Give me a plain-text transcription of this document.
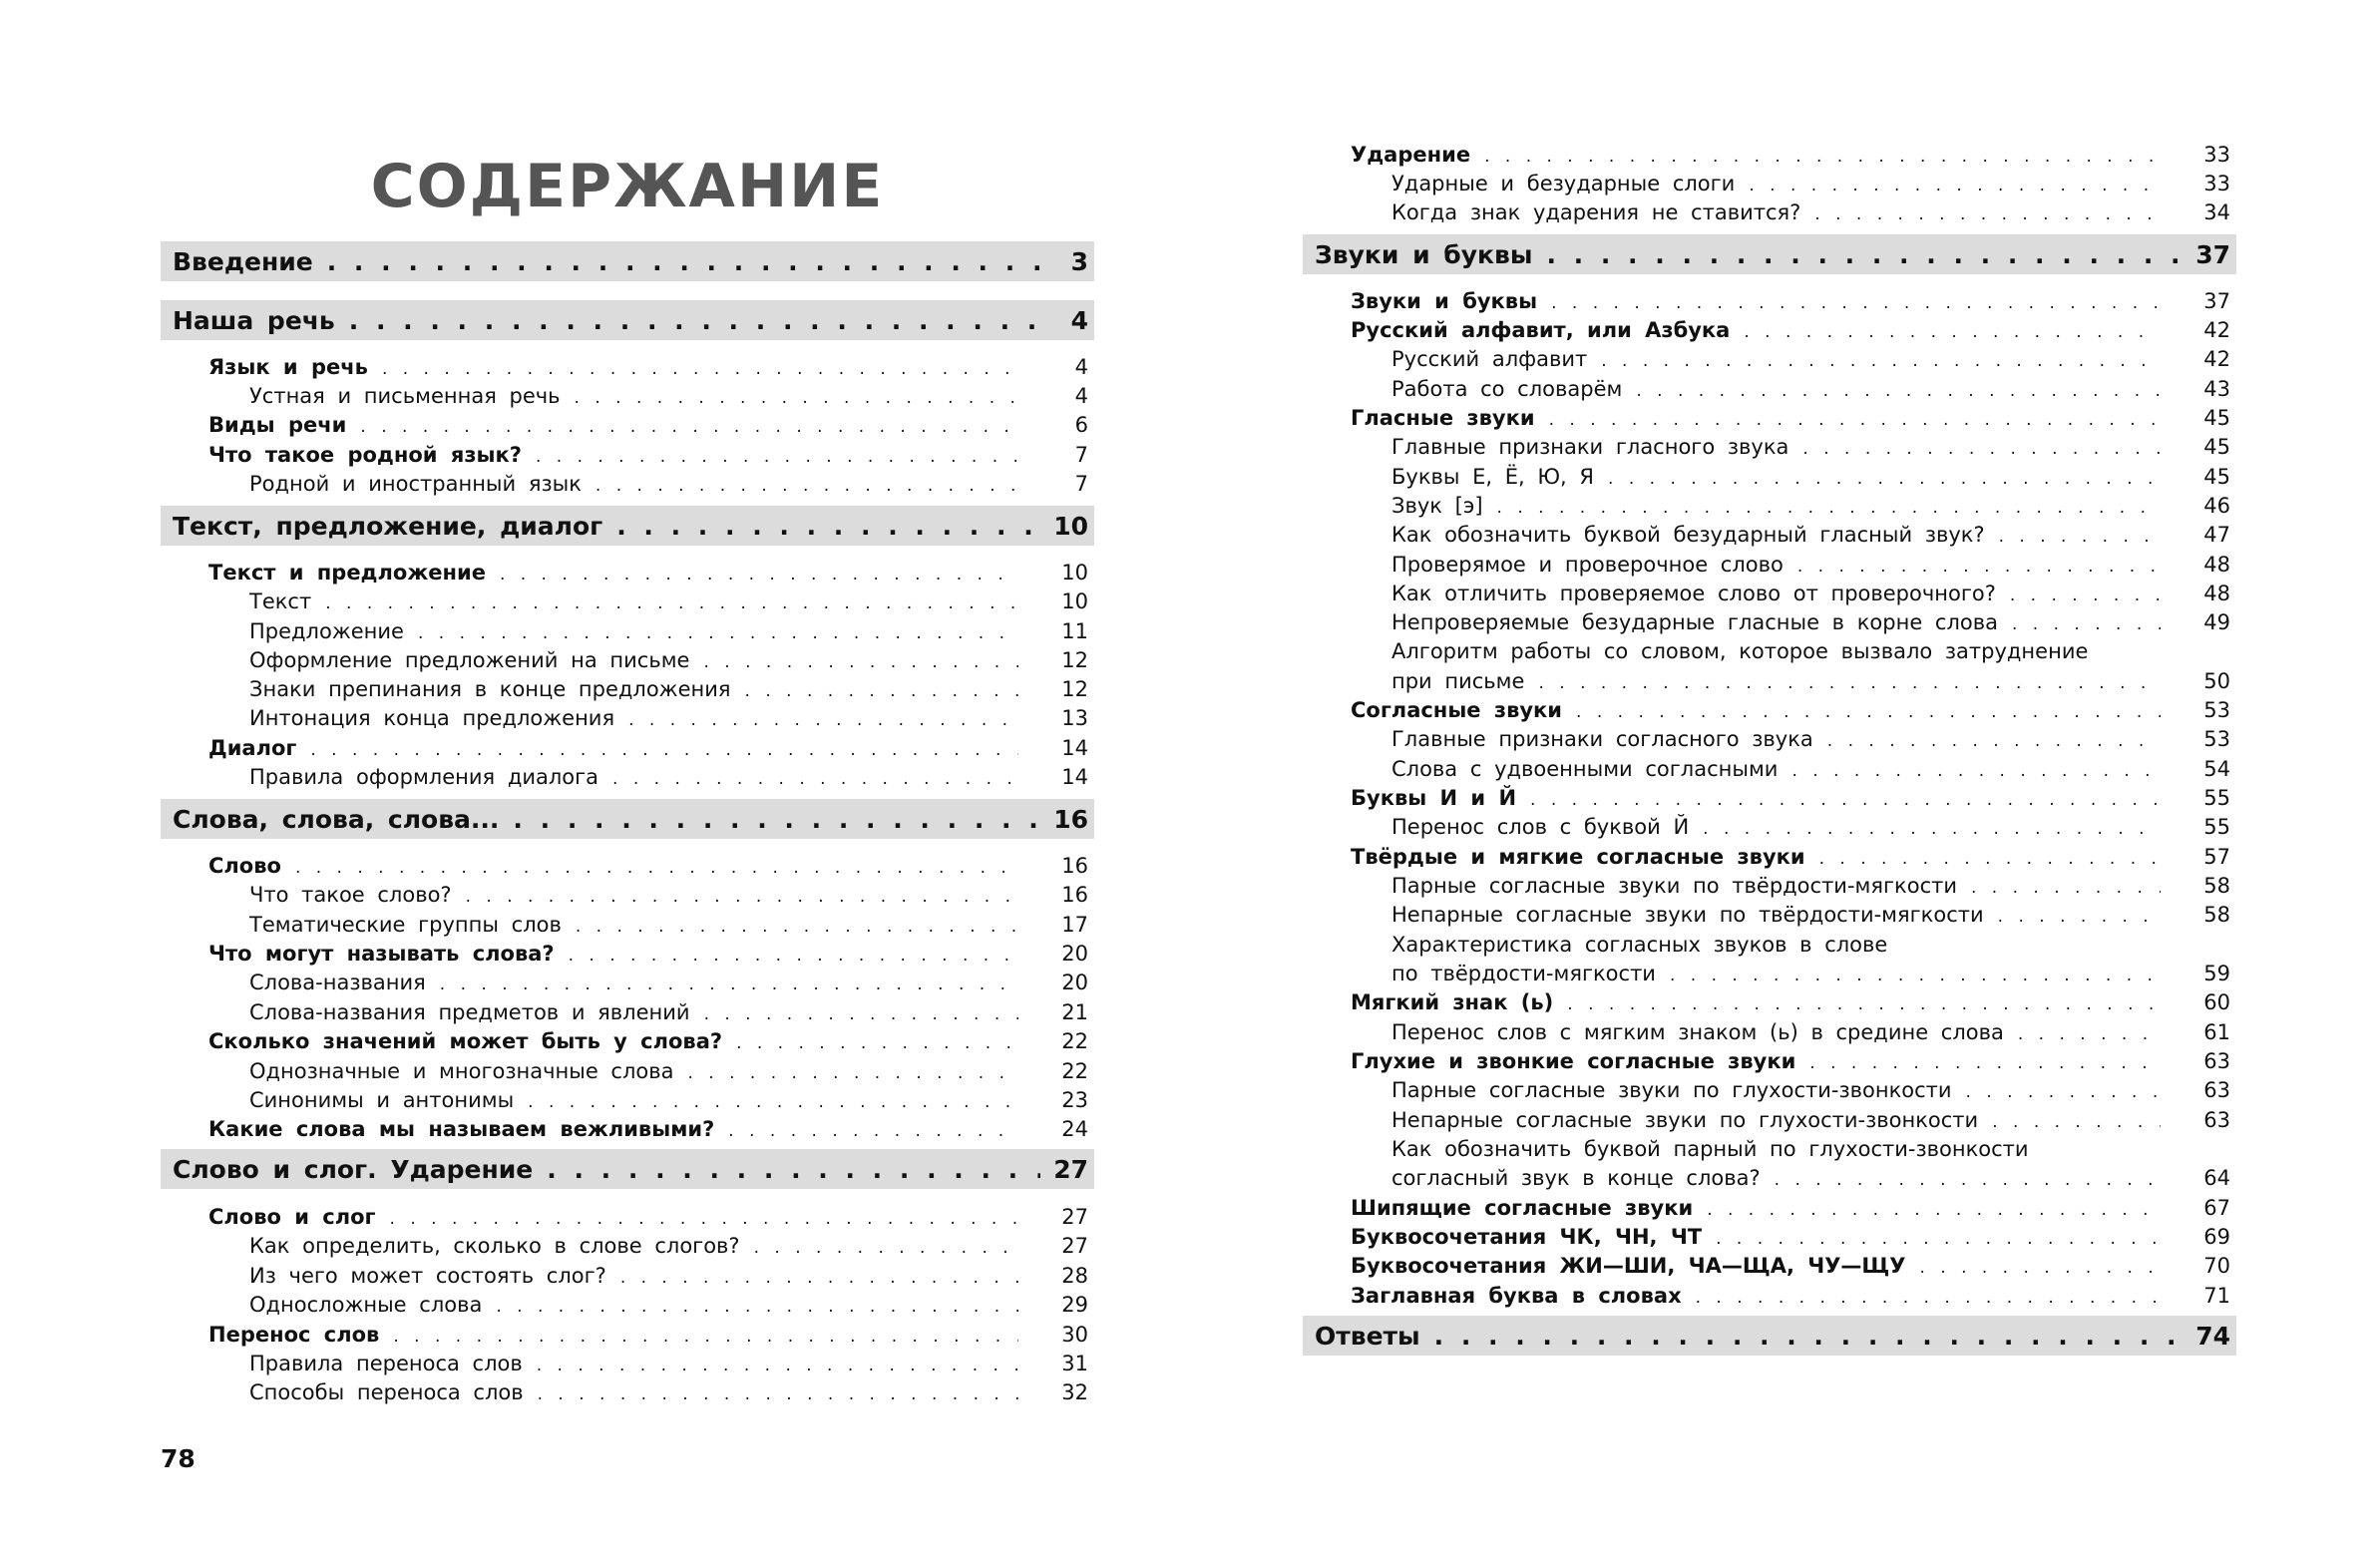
СОДЕРЖАНИЕ
Введение . . .	3
Наша речь . . .	4
Язык и речь . . .	4
Устная и письменная речь . . .	4
Виды речи . . .	6
Что такое родной язык? . . .	7
Родной и иностранный язык . . .	7
Текст, предложение, диалог . . .	10
Текст и предложение . . .	10
Текст . . .	10
Предложение . . .	11
Оформление предложений на письме . . .	12
Знаки препинания в конце предложения . . .	12
Интонация конца предложения . . .	13
Диалог . . .	14
Правила оформления диалога . . .	14
Слова, слова, слова... . . .	16
Слово . . .	16
Что такое слово? . . .	16
Тематические группы слов . . .	17
Что могут называть слова? . . .	20
Слова-названия . . .	20
Слова-названия предметов и явлений . . .	21
Сколько значений может быть у слова? . . .	22
Однозначные и многозначные слова . . .	22
Синонимы и антонимы . . .	23
Какие слова мы называем вежливыми? . . .	24
Слово и слог. Ударение . . .	27
Слово и слог . . .	27
Как определить, сколько в слове слогов? . . .	27
Из чего может состоять слог? . . .	28
Односложные слова . . .	29
Перенос слов . . .	30
Правила переноса слов . . .	31
Способы переноса слов . . .	32
Ударение . . .	33
Ударные и безударные слоги . . .	33
Когда знак ударения не ставится? . . .	34
Звуки и буквы . . .	37
Звуки и буквы . . .	37
Русский алфавит, или Азбука . . .	42
Русский алфавит . . .	42
Работа со словарём . . .	43
Гласные звуки . . .	45
Главные признаки гласного звука . . .	45
Буквы Е, Ё, Ю, Я . . .	45
Звук [э] . . .	46
Как обозначить буквой безударный гласный звук? . . .	47
Проверямое и проверочное слово . . .	48
Как отличить проверяемое слово от проверочного? . . .	48
Непроверяемые безударные гласные в корне слова . . .	49
Алгоритм работы со словом, которое вызвало затруднение
при письме . . .	50
Согласные звуки . . .	53
Главные признаки согласного звука . . .	53
Слова с удвоенными согласными . . .	54
Буквы И и Й . . .	55
Перенос слов с буквой Й . . .	55
Твёрдые и мягкие согласные звуки . . .	57
Парные согласные звуки по твёрдости-мягкости . . .	58
Непарные согласные звуки по твёрдости-мягкости . . .	58
Характеристика согласных звуков в слове
по твёрдости-мягкости . . .	59
Мягкий знак (ь) . . .	60
Перенос слов с мягким знаком (ь) в средине слова . . .	61
Глухие и звонкие согласные звуки . . .	63
Парные согласные звуки по глухости-звонкости . . .	63
Непарные согласные звуки по глухости-звонкости . . .	63
Как обозначить буквой парный по глухости-звонкости
согласный звук в конце слова? . . .	64
Шипящие согласные звуки . . .	67
Буквосочетания ЧК, ЧН, ЧТ . . .	69
Буквосочетания ЖИ—ШИ, ЧА—ЩА, ЧУ—ЩУ . . .	70
Заглавная буква в словах . . .	71
Ответы . . .	74
78
